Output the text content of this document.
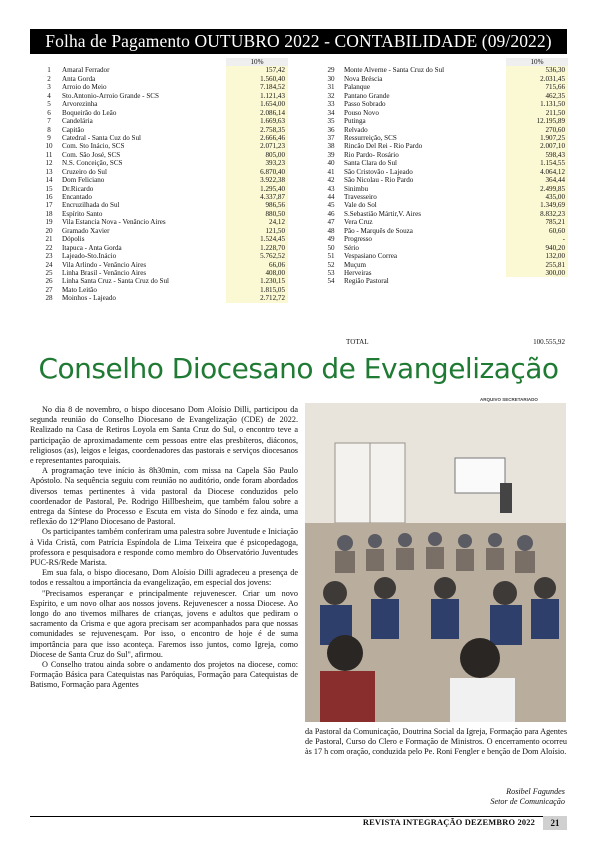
Folha de Pagamento OUTUBRO 2022 - CONTABILIDADE (09/2022)
10%
1	Amaral Ferrador	157,42
2	Anta Gorda	1.560,40
3	Arroio do Meio	7.184,52
4	Sto.Antonio-Arroio Grande - SCS	1.121,43
5	Arvorezinha	1.654,00
6	Boqueirão do Leão	2.086,14
7	Candelária	1.669,63
8	Capitão	2.758,35
9	Catedral - Santa Cuz do Sul	2.666,46
10	Com. Sto Inácio, SCS	2.071,23
11	Com. São José, SCS	805,00
12	N.S. Conceição, SCS	393,23
13	Cruzeiro do Sul	6.870,40
14	Dom Feliciano	3.922,38
15	Dr.Ricardo	1.295,40
16	Encantado	4.337,87
17	Encruzilhada do Sul	986,56
18	Espírito Santo	880,50
19	Vila Estancia Nova - Venâncio Aires	24,12
20	Gramado Xavier	121,50
21	Dópolis	1.524,45
22	Itapuca - Anta Gorda	1.228,70
23	Lajeado-Sto.Inácio	5.762,52
24	Vila Arlindo - Venâncio Aires	66,06
25	Linha Brasil - Venâncio Aires	408,00
26	Linha Santa Cruz - Santa Cruz do Sul	1.230,15
27	Mato Leitão	1.815,05
28	Moinhos - Lajeado	2.712,72
10%
29	Monte Alverne - Santa Cruz do Sul	536,30
30	Nova Bréscia	2.031,45
31	Palanque	715,66
32	Pantano Grande	462,35
33	Passo Sobrado	1.131,50
34	Pouso Novo	211,50
35	Putinga	12.195,89
36	Relvado	270,60
37	Ressurreição, SCS	1.907,25
38	Rincão Del Rei - Rio Pardo	2.007,10
39	Rio Pardo- Rosário	598,43
40	Santa Clara do Sul	1.154,55
41	São Cristovão - Lajeado	4.064,12
42	São Nicolau - Rio Pardo	364,44
43	Sinimbu	2.499,85
44	Travesseiro	435,00
45	Vale do Sol	1.349,69
46	S.Sebastião Mártir,V. Aires	8.832,23
47	Vera Cruz	785,21
48	Pão - Marquês de Souza	60,60
49	Progresso	-
50	Sério	940,20
51	Vespasiano Correa	132,00
52	Muçum	255,81
53	Herveiras	300,00
54	Região Pastoral
TOTAL	100.555,92
Conselho Diocesano de Evangelização
ARQUIVO SECRETARIADO

No dia 8 de novembro, o bispo diocesano Dom Aloísio Dilli, participou da segunda reunião do Conselho Diocesano de Evangelização (CDE) de 2022. Realizado na Casa de Retiros Loyola em Santa Cruz do Sul, o encontro teve a participação de aproximadamente cem pessoas entre elas presbíteros, diáconos, religiosos (as), leigos e leigas, coordenadores das pastorais e serviços diocesanos e representantes paroquiais.

A programação teve início às 8h30min, com missa na Capela São Paulo Apóstolo. Na sequência seguiu com reunião no auditório, onde foram abordados diversos temas pertinentes à vida pastoral da Diocese conduzidos pelo coordenador de Pastoral, Pe. Rodrigo Hillbesheim, que também falou sobre a entrega da Síntese do Processo e Escuta em vista do Sínodo e fez ainda, uma reflexão do 12ºPlano Diocesano de Pastoral.

Os participantes também conferiram uma palestra sobre Juventude e Iniciação à Vida Cristã, com Patrícia Espíndola de Lima Teixeira que é psicopedagoga, professora e pesquisadora e responde como membro do Observatório Juventudes PUC-RS/Rede Marista.

Em sua fala, o bispo diocesano, Dom Aloísio Dilli agradeceu a presença de todos e ressaltou a importância da evangelização, em especial dos jovens:

"Precisamos esperançar e principalmente rejuvenescer. Criar um novo Espírito, e um novo olhar aos nossos jovens. Rejuvenescer a nossa Diocese. Ao longo do ano tivemos milhares de crianças, jovens e adultos que pediram o sacramento da Crisma e que agora precisam ser acompanhados para que nossas comunidades se rejuvenesçam. Por isso, o encontro de hoje é de suma importância para que isso aconteça. Faremos isso juntos, como Igreja, como Diocese de Santa Cruz do Sul", afirmou.

O Conselho tratou ainda sobre o andamento dos projetos na diocese, como: Formação Básica para Catequistas nas Paróquias, Formação para Catequistas de Batismo, Formação para Agentes

da Pastoral da Comunicação, Doutrina Social da Igreja, Formação para Agentes de Pastoral, Curso do Clero e Formação de Ministros. O encerramento ocorreu às 17 h com oração, conduzida pelo Pe. Roni Fengler e benção de Dom Aloísio.

Rosibel Fagundes
Setor de Comunicação
REVISTA INTEGRAÇÃO DEZEMBRO 2022	21
